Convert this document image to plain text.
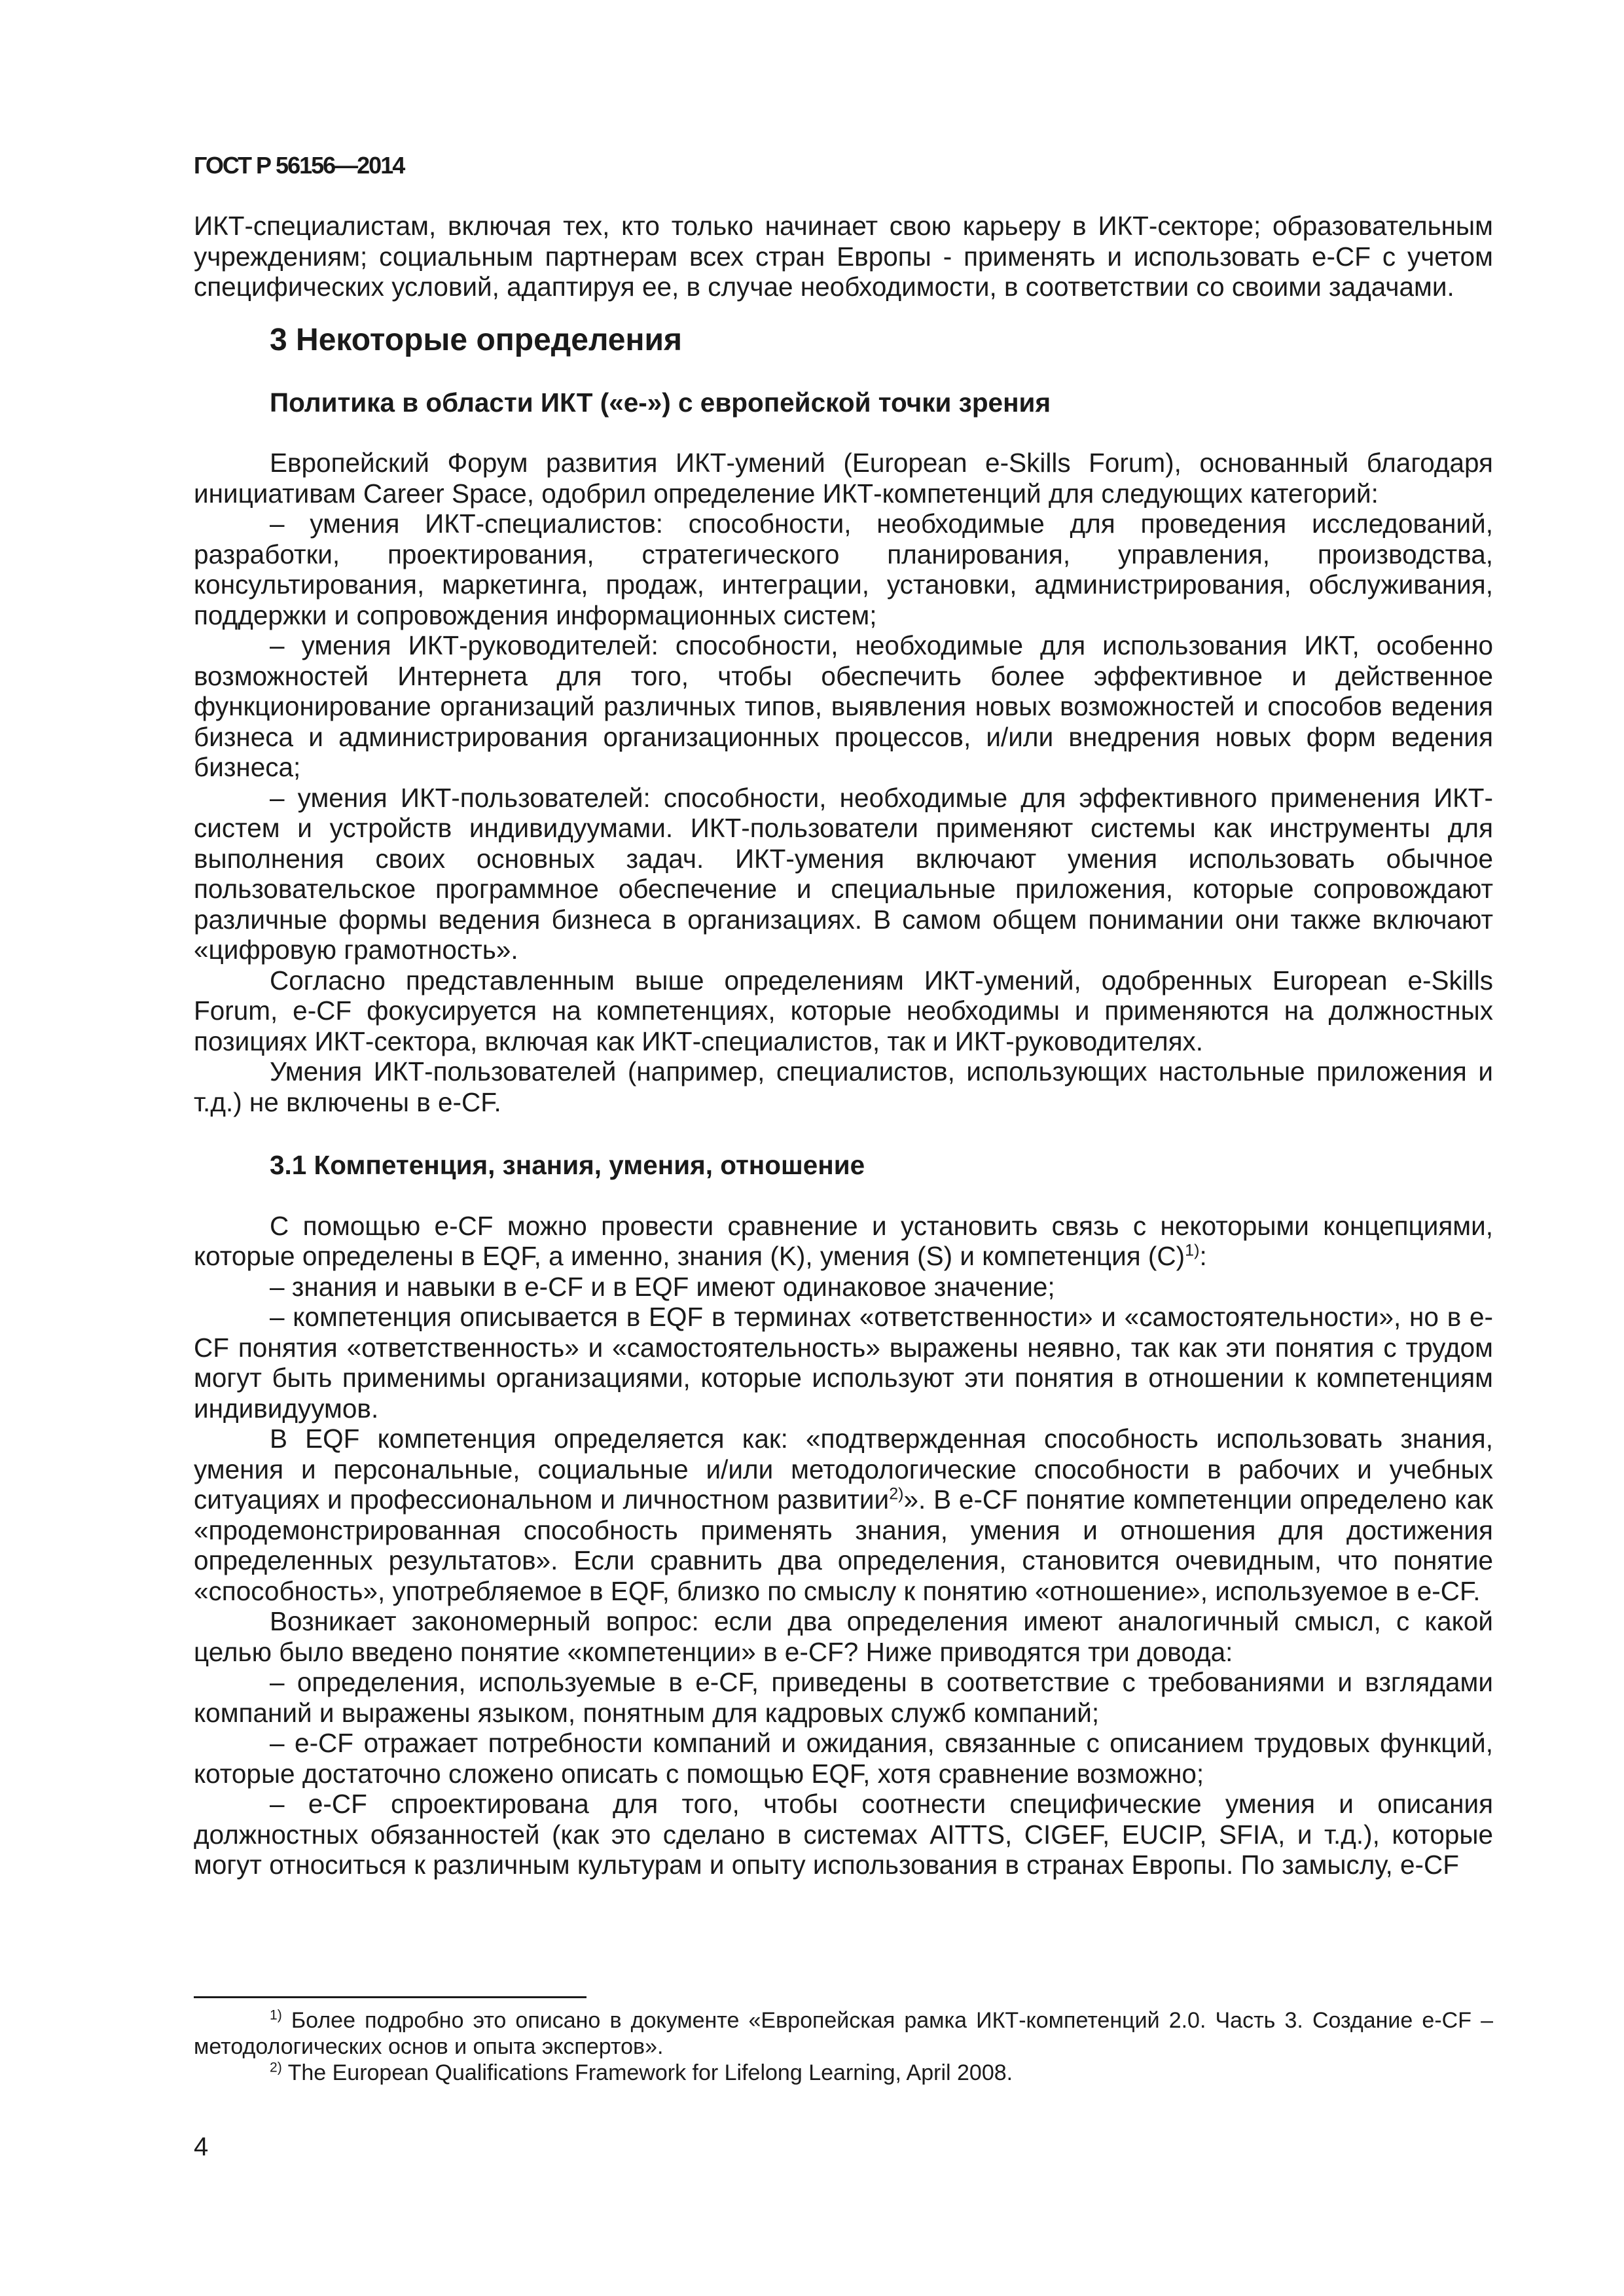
ГОСТ Р 56156—2014

ИКТ-специалистам, включая тех, кто только начинает свою карьеру в ИКТ-секторе; образовательным учреждениям; социальным партнерам всех стран Европы - применять и использовать e-CF с учетом специфических условий, адаптируя ее, в случае необходимости, в соответствии со своими задачами.

3 Некоторые определения
Политика в области ИКТ («е-») с европейской точки зрения

Европейский Форум развития ИКТ-умений (European e-Skills Forum), основанный благодаря инициативам Career Space, одобрил определение ИКТ-компетенций для следующих категорий:

– умения ИКТ-специалистов: способности, необходимые для проведения исследований, разработки, проектирования, стратегического планирования, управления, производства, консультирования, маркетинга, продаж, интеграции, установки, администрирования, обслуживания, поддержки и сопровождения информационных систем;

– умения ИКТ-руководителей: способности, необходимые для использования ИКТ, особенно возможностей Интернета для того, чтобы обеспечить более эффективное и действенное функционирование организаций различных типов, выявления новых возможностей и способов ведения бизнеса и администрирования организационных процессов, и/или внедрения новых форм ведения бизнеса;

– умения ИКТ-пользователей: способности, необходимые для эффективного применения ИКТ-систем и устройств индивидуумами. ИКТ-пользователи применяют системы как инструменты для выполнения своих основных задач. ИКТ-умения включают умения использовать обычное пользовательское программное обеспечение и специальные приложения, которые сопровождают различные формы ведения бизнеса в организациях. В самом общем понимании они также включают «цифровую грамотность».

Согласно представленным выше определениям ИКТ-умений, одобренных European e-Skills Forum, e-CF фокусируется на компетенциях, которые необходимы и применяются на должностных позициях ИКТ-сектора, включая как ИКТ-специалистов, так и ИКТ-руководителях.

Умения ИКТ-пользователей (например, специалистов, использующих настольные приложения и т.д.) не включены в e-CF.

3.1 Компетенция, знания, умения, отношение

С помощью e-CF можно провести сравнение и установить связь с некоторыми концепциями, которые определены в EQF, а именно, знания (K), умения (S) и компетенция $(C)^{1)}$:

– знания и навыки в e-CF и в EQF имеют одинаковое значение;

– компетенция описывается в EQF в терминах «ответственности» и «самостоятельности», но в e-CF понятия «ответственность» и «самостоятельность» выражены неявно, так как эти понятия с трудом могут быть применимы организациями, которые используют эти понятия в отношении к компетенциям индивидуумов.

В EQF компетенция определяется как: «подтвержденная способность использовать знания, умения и персональные, социальные и/или методологические способности в рабочих и учебных ситуациях и профессиональном и личностном развитии$^{2)}$». В e-CF понятие компетенции определено как «продемонстрированная способность применять знания, умения и отношения для достижения определенных результатов». Если сравнить два определения, становится очевидным, что понятие «способность», употребляемое в EQF, близко по смыслу к понятию «отношение», используемое в e-CF.

Возникает закономерный вопрос: если два определения имеют аналогичный смысл, с какой целью было введено понятие «компетенции» в e-CF? Ниже приводятся три довода:

– определения, используемые в e-CF, приведены в соответствие с требованиями и взглядами компаний и выражены языком, понятным для кадровых служб компаний;

– e-CF отражает потребности компаний и ожидания, связанные с описанием трудовых функций, которые достаточно сложено описать с помощью EQF, хотя сравнение возможно;

– e-CF спроектирована для того, чтобы соотнести специфические умения и описания должностных обязанностей (как это сделано в системах AITTS, CIGEF, EUCIP, SFIA, и т.д.), которые могут относиться к различным культурам и опыту использования в странах Европы. По замыслу, e-CF

$^{1)}$ Более подробно это описано в документе «Европейская рамка ИКТ-компетенций 2.0. Часть 3. Создание e-CF – методологических основ и опыта экспертов».

$^{2)}$ The European Qualifications Framework for Lifelong Learning, April 2008.

4
